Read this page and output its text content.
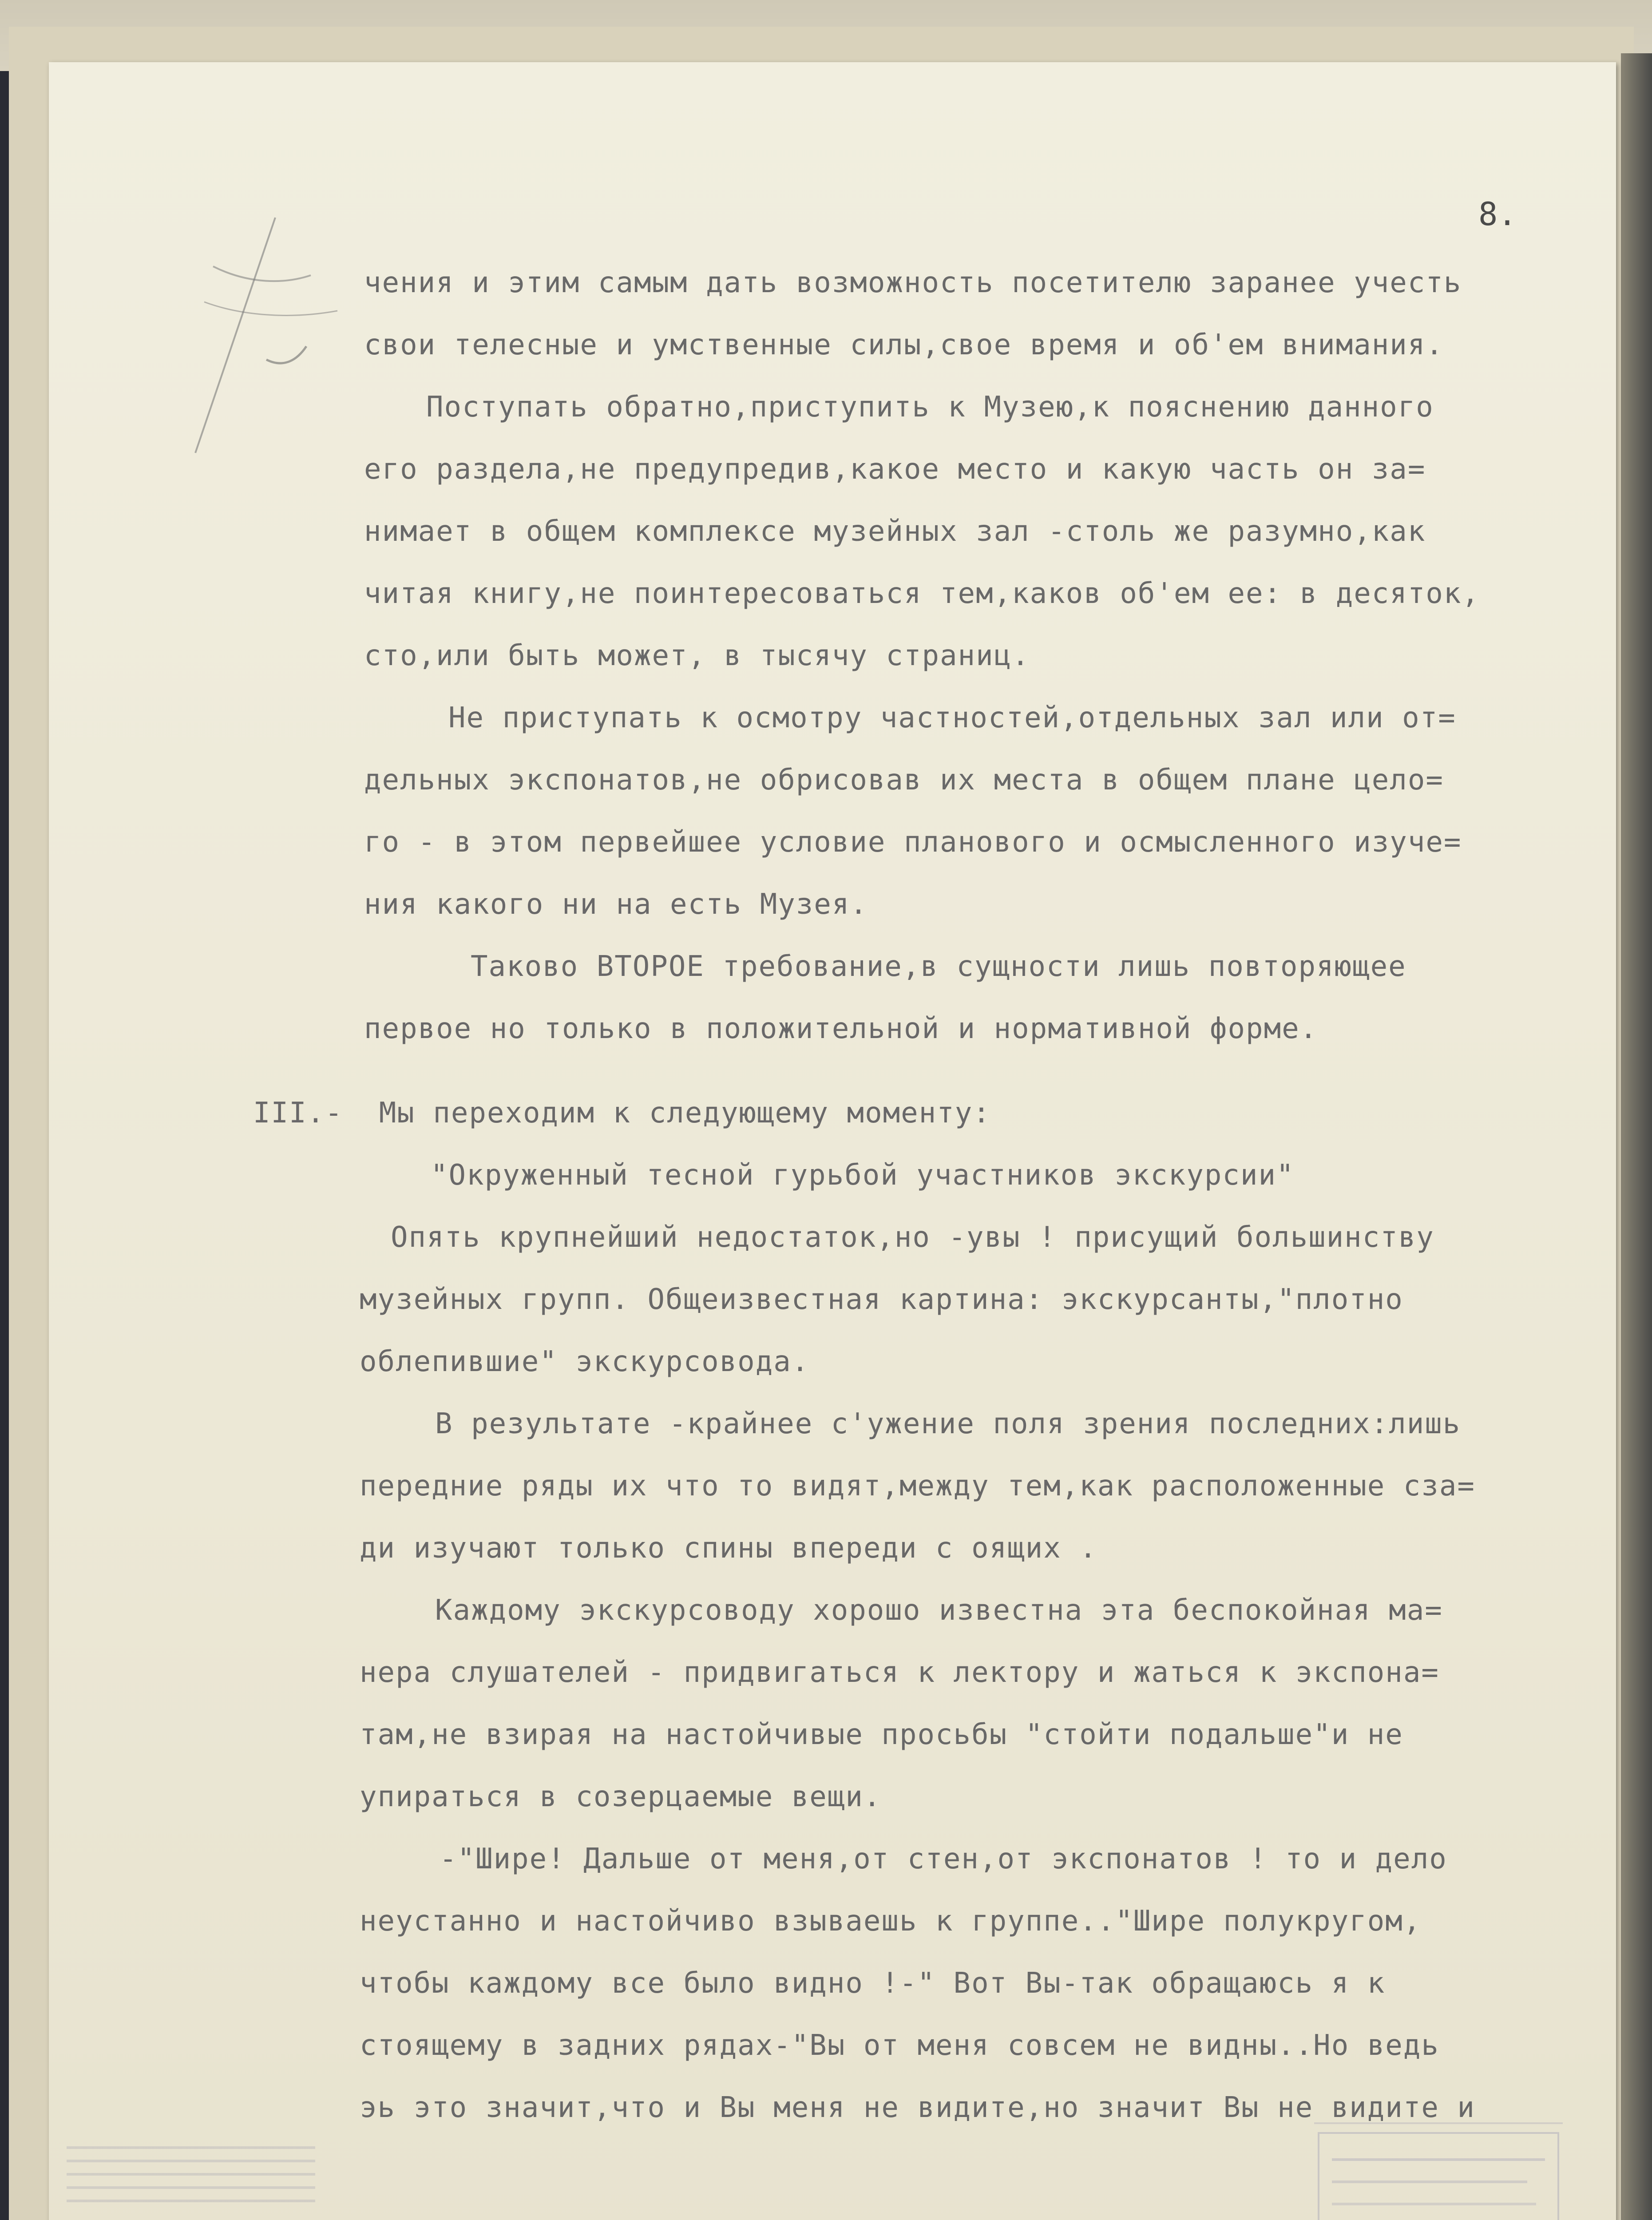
8.
чения и этим самым дать возможность посетителю заранее учесть
свои телесные и умственные силы,свое время и об'ем внимания.
Поступать обратно,приступить к Музею,к пояснению данного
его раздела,не предупредив,какое место и какую часть он за=
нимает в общем комплексе музейных зал -столь же разумно,как
читая книгу,не поинтересоваться тем,каков об'ем ее: в десяток,
сто,или быть может, в тысячу страниц.
Не приступать к осмотру частностей,отдельных зал или от=
дельных экспонатов,не обрисовав их места в общем плане цело=
го - в этом первейшее условие планового и осмысленного изуче=
ния какого ни на есть Музея.
Таково ВТОРОЕ требование,в сущности лишь повторяющее
первое но только в положительной и нормативной форме.
III.-  Мы переходим к следующему моменту:
"Окруженный тесной гурьбой участников экскурсии"
Опять крупнейший недостаток,но -увы ! присущий большинству
музейных групп. Общеизвестная картина: экскурсанты,"плотно
облепившие" экскурсовода.
В результате -крайнее с'ужение поля зрения последних:лишь
передние ряды их что то видят,между тем,как расположенные сза=
ди изучают только спины впереди с оящих .
Каждому экскурсоводу хорошо известна эта беспокойная ма=
нера слушателей - придвигаться к лектору и жаться к экспона=
там,не взирая на настойчивые просьбы "стойти подальше"и не
упираться в созерцаемые вещи.
-"Шире! Дальше от меня,от стен,от экспонатов ! то и дело
неустанно и настойчиво взываешь к группе.."Шире полукругом,
чтобы каждому все было видно !-" Вот Вы-так обращаюсь я к
стоящему в задних рядах-"Вы от меня совсем не видны..Но ведь
эь это значит,что и Вы меня не видите,но значит Вы не видите и
